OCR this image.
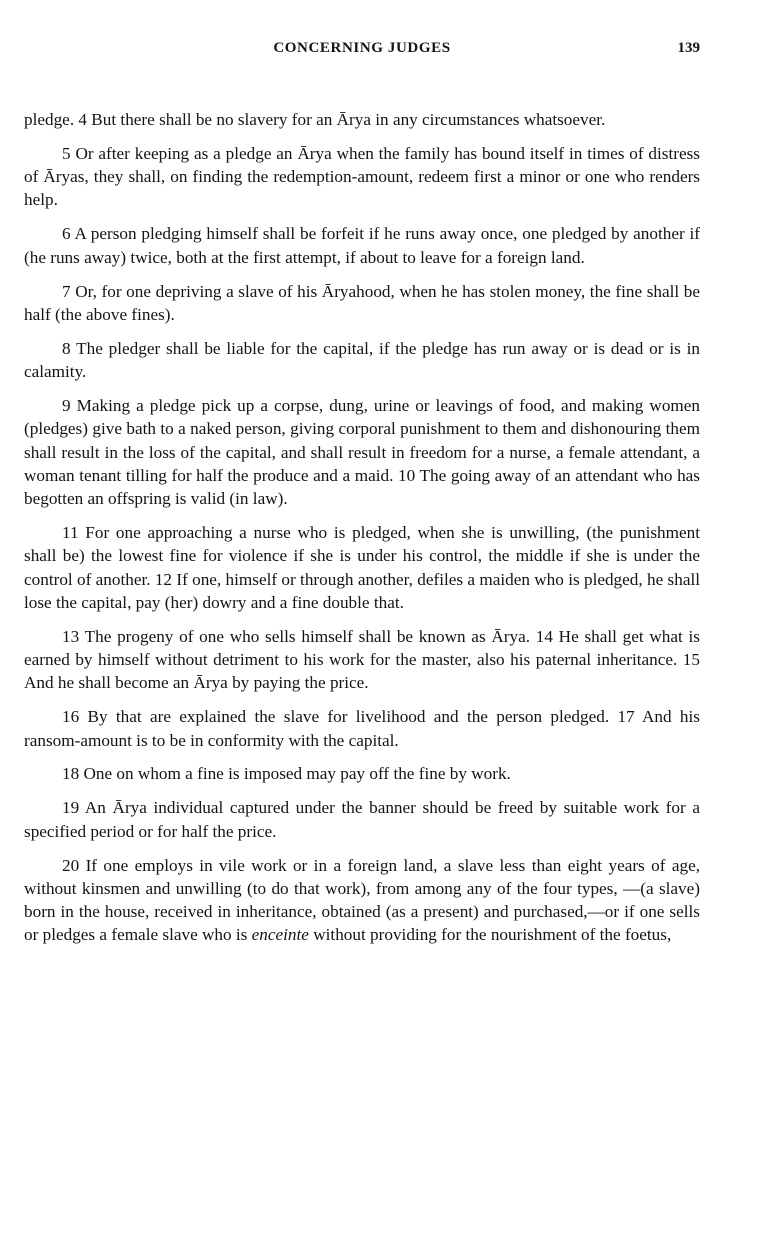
CONCERNING JUDGES	139

pledge. 4 But there shall be no slavery for an Ārya in any circumstances whatsoever.

5 Or after keeping as a pledge an Ārya when the family has bound itself in times of distress of Āryas, they shall, on finding the redemption-amount, redeem first a minor or one who renders help.

6 A person pledging himself shall be forfeit if he runs away once, one pledged by another if (he runs away) twice, both at the first attempt, if about to leave for a foreign land.

7 Or, for one depriving a slave of his Āryahood, when he has stolen money, the fine shall be half (the above fines).

8 The pledger shall be liable for the capital, if the pledge has run away or is dead or is in calamity.

9 Making a pledge pick up a corpse, dung, urine or leavings of food, and making women (pledges) give bath to a naked person, giving corporal punishment to them and dishonouring them shall result in the loss of the capital, and shall result in freedom for a nurse, a female attendant, a woman tenant tilling for half the produce and a maid. 10 The going away of an attendant who has begotten an offspring is valid (in law).

11 For one approaching a nurse who is pledged, when she is unwilling, (the punishment shall be) the lowest fine for violence if she is under his control, the middle if she is under the control of another. 12 If one, himself or through another, defiles a maiden who is pledged, he shall lose the capital, pay (her) dowry and a fine double that.

13 The progeny of one who sells himself shall be known as Ārya. 14 He shall get what is earned by himself without detriment to his work for the master, also his paternal inheritance. 15 And he shall become an Ārya by paying the price.

16 By that are explained the slave for livelihood and the person pledged. 17 And his ransom-amount is to be in conformity with the capital.

18 One on whom a fine is imposed may pay off the fine by work.

19 An Ārya individual captured under the banner should be freed by suitable work for a specified period or for half the price.

20 If one employs in vile work or in a foreign land, a slave less than eight years of age, without kinsmen and unwilling (to do that work), from among any of the four types, —(a slave) born in the house, received in inheritance, obtained (as a present) and purchased,—or if one sells or pledges a female slave who is enceinte without providing for the nourishment of the foetus,
